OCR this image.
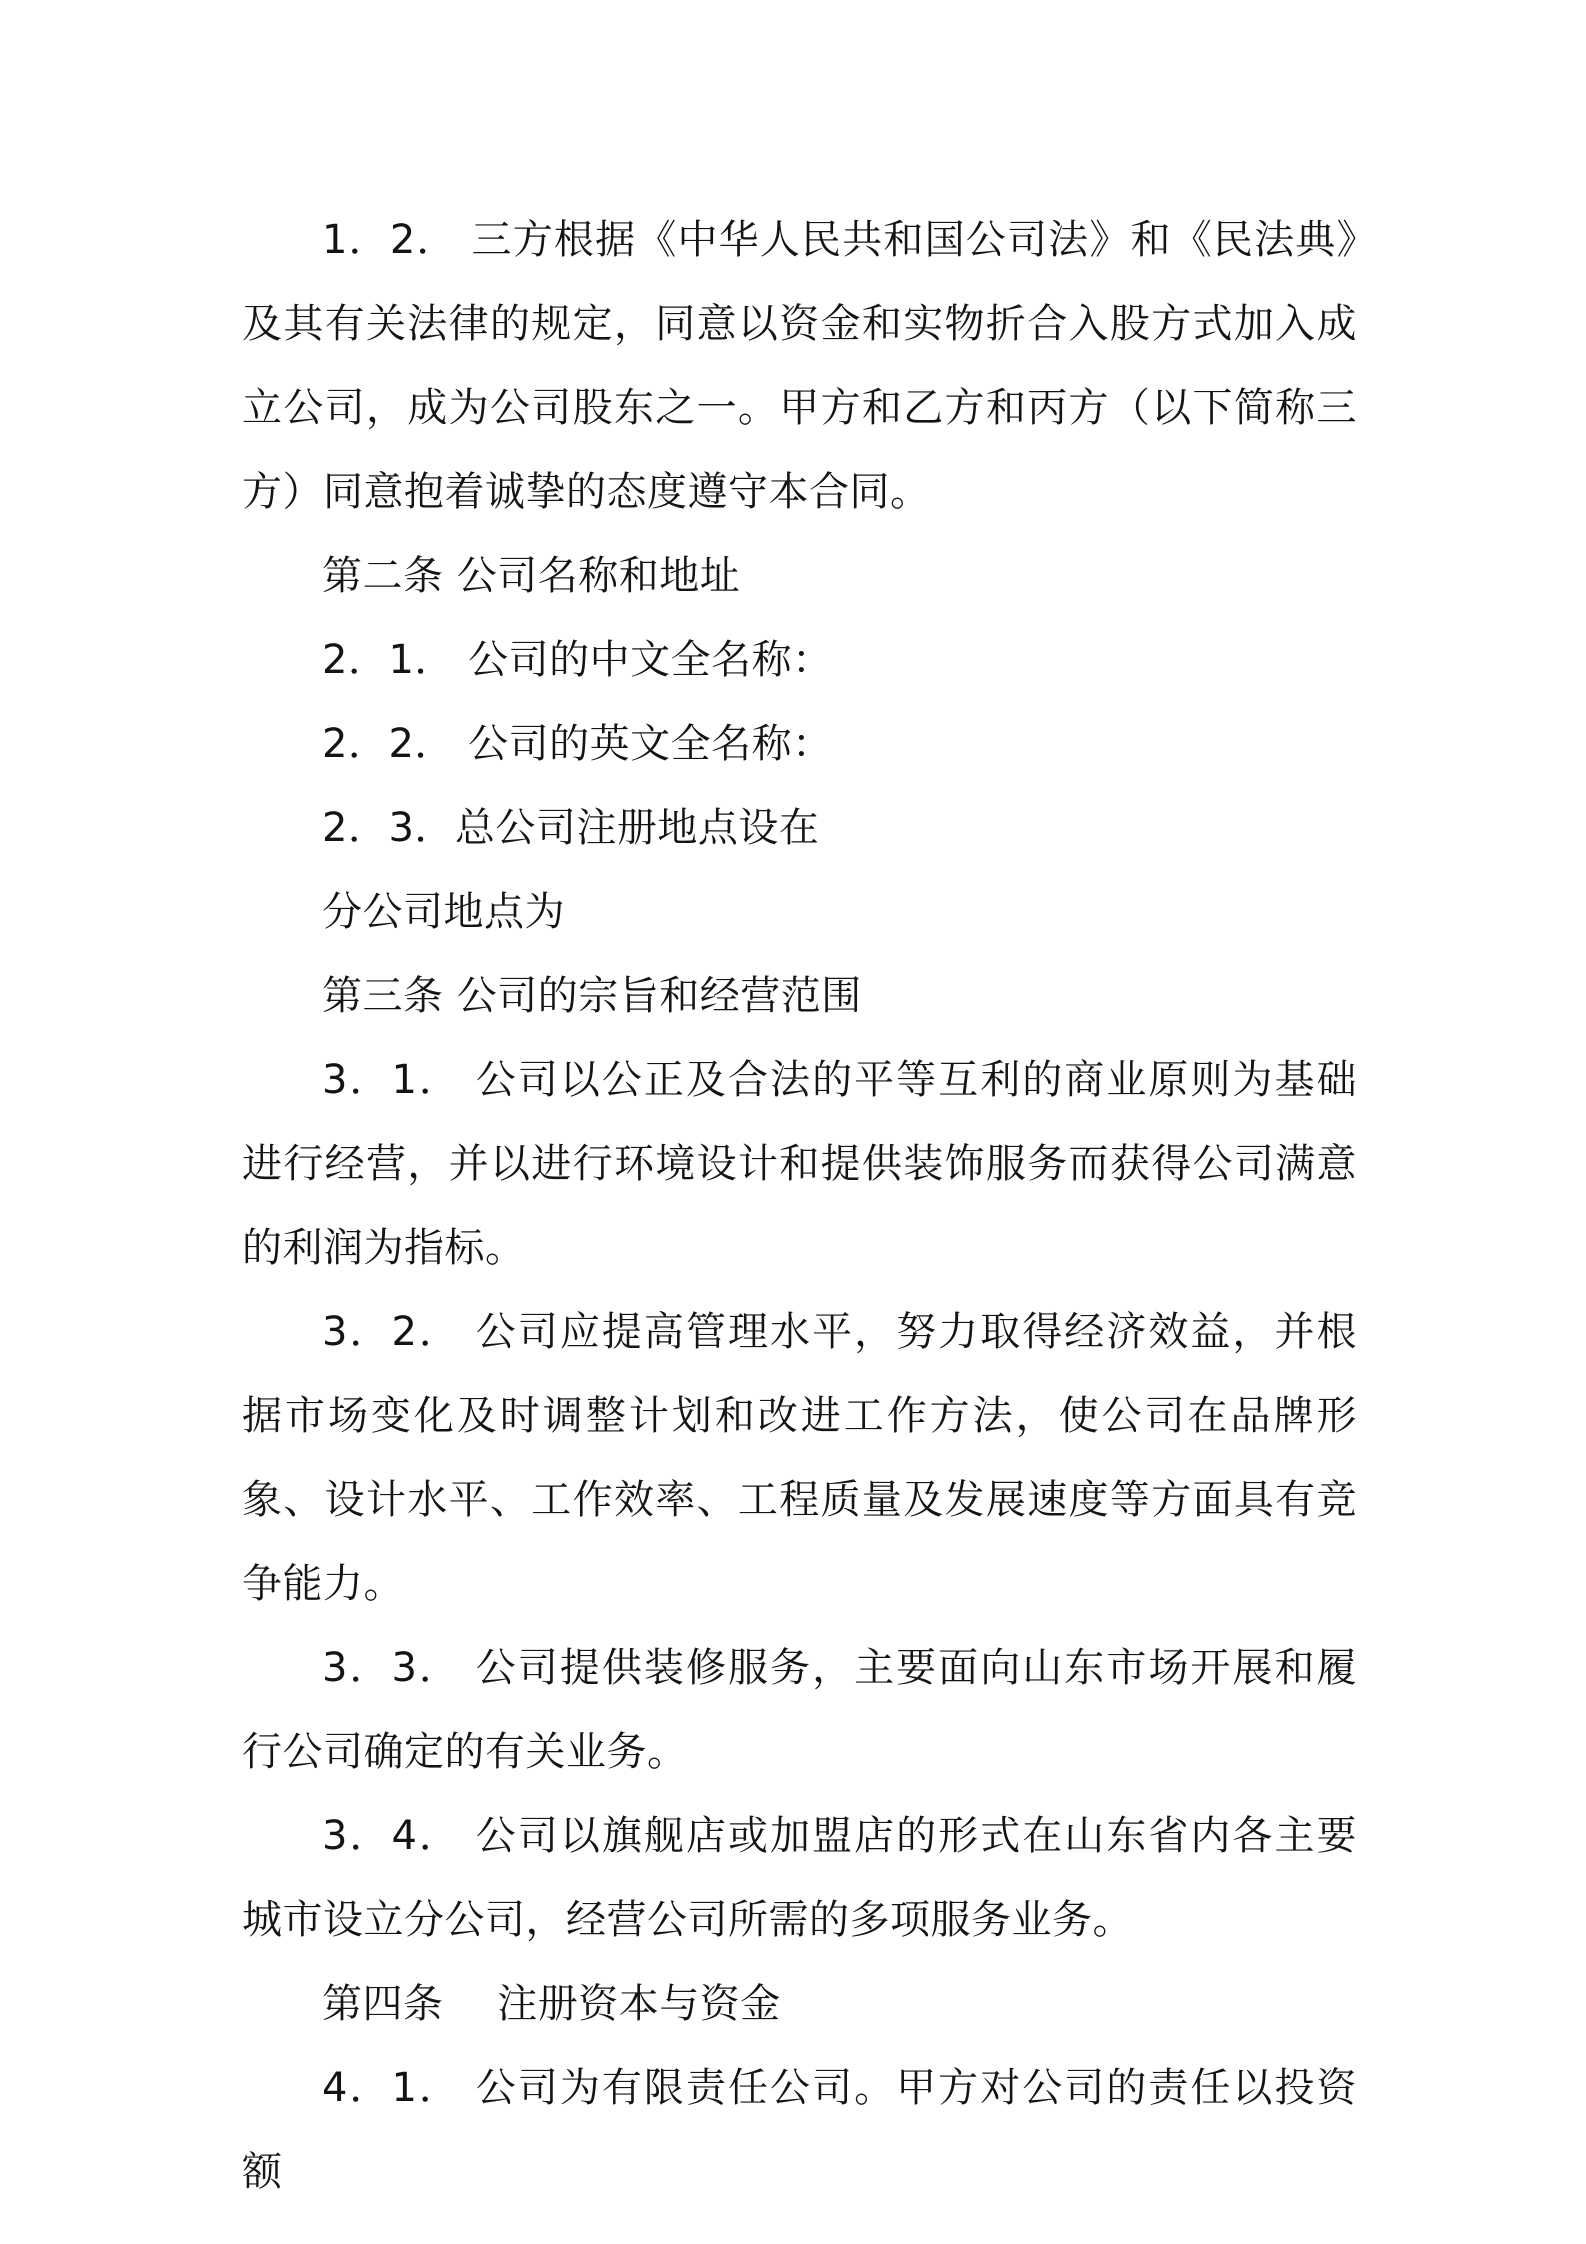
1．2． 三方根据《中华人民共和国公司法》和《民法典》及其有关法律的规定，同意以资金和实物折合入股方式加入成立公司，成为公司股东之一。甲方和乙方和丙方（以下简称三方）同意抱着诚挚的态度遵守本合同。

第二条 公司名称和地址

2．1． 公司的中文全名称：

2．2． 公司的英文全名称：

2．3．总公司注册地点设在

分公司地点为

第三条 公司的宗旨和经营范围

3．1． 公司以公正及合法的平等互利的商业原则为基础进行经营，并以进行环境设计和提供装饰服务而获得公司满意的利润为指标。

3．2． 公司应提高管理水平，努力取得经济效益，并根据市场变化及时调整计划和改进工作方法，使公司在品牌形象、设计水平、工作效率、工程质量及发展速度等方面具有竞争能力。

3．3． 公司提供装修服务，主要面向山东市场开展和履行公司确定的有关业务。

3．4． 公司以旗舰店或加盟店的形式在山东省内各主要城市设立分公司，经营公司所需的多项服务业务。

第四条　 注册资本与资金

4．1． 公司为有限责任公司。甲方对公司的责任以投资额
